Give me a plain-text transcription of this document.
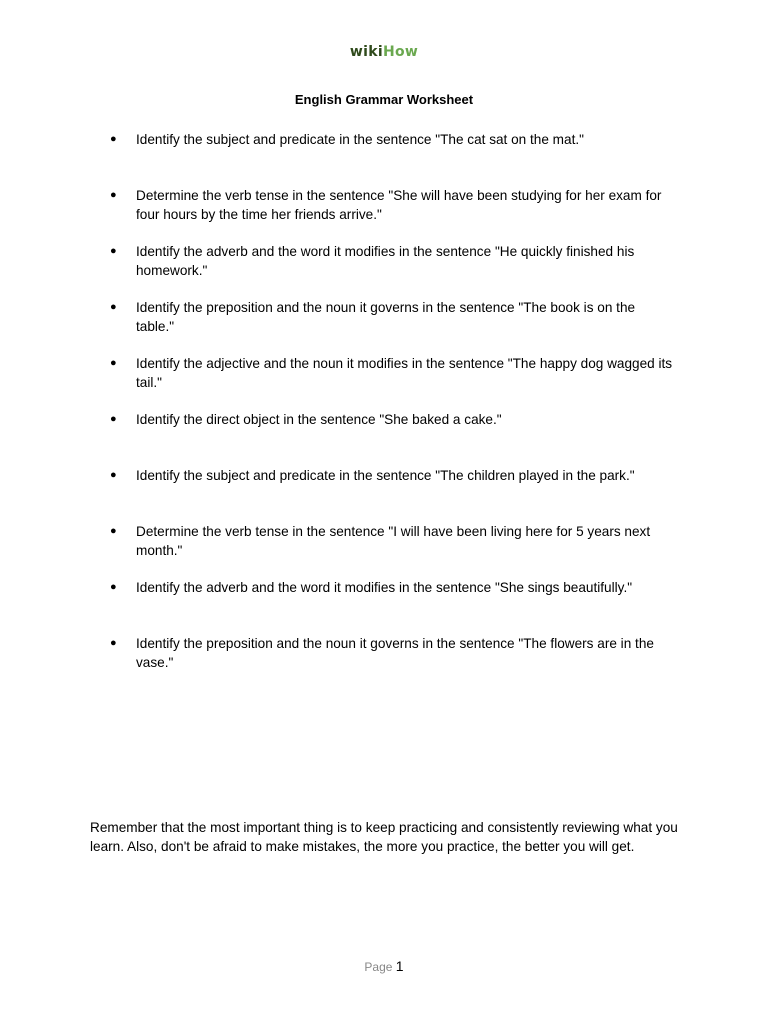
wikiHow
English Grammar Worksheet
●	Identify the subject and predicate in the sentence "The cat sat on the mat."
●	Determine the verb tense in the sentence "She will have been studying for her exam for four hours by the time her friends arrive."
●	Identify the adverb and the word it modifies in the sentence "He quickly finished his homework."
●	Identify the preposition and the noun it governs in the sentence "The book is on the table."
●	Identify the adjective and the noun it modifies in the sentence "The happy dog wagged its tail."
●	Identify the direct object in the sentence "She baked a cake."
●	Identify the subject and predicate in the sentence "The children played in the park."
●	Determine the verb tense in the sentence "I will have been living here for 5 years next month."
●	Identify the adverb and the word it modifies in the sentence "She sings beautifully."
●	Identify the preposition and the noun it governs in the sentence "The flowers are in the vase."

Remember that the most important thing is to keep practicing and consistently reviewing what you learn. Also, don't be afraid to make mistakes, the more you practice, the better you will get.

Page 1
